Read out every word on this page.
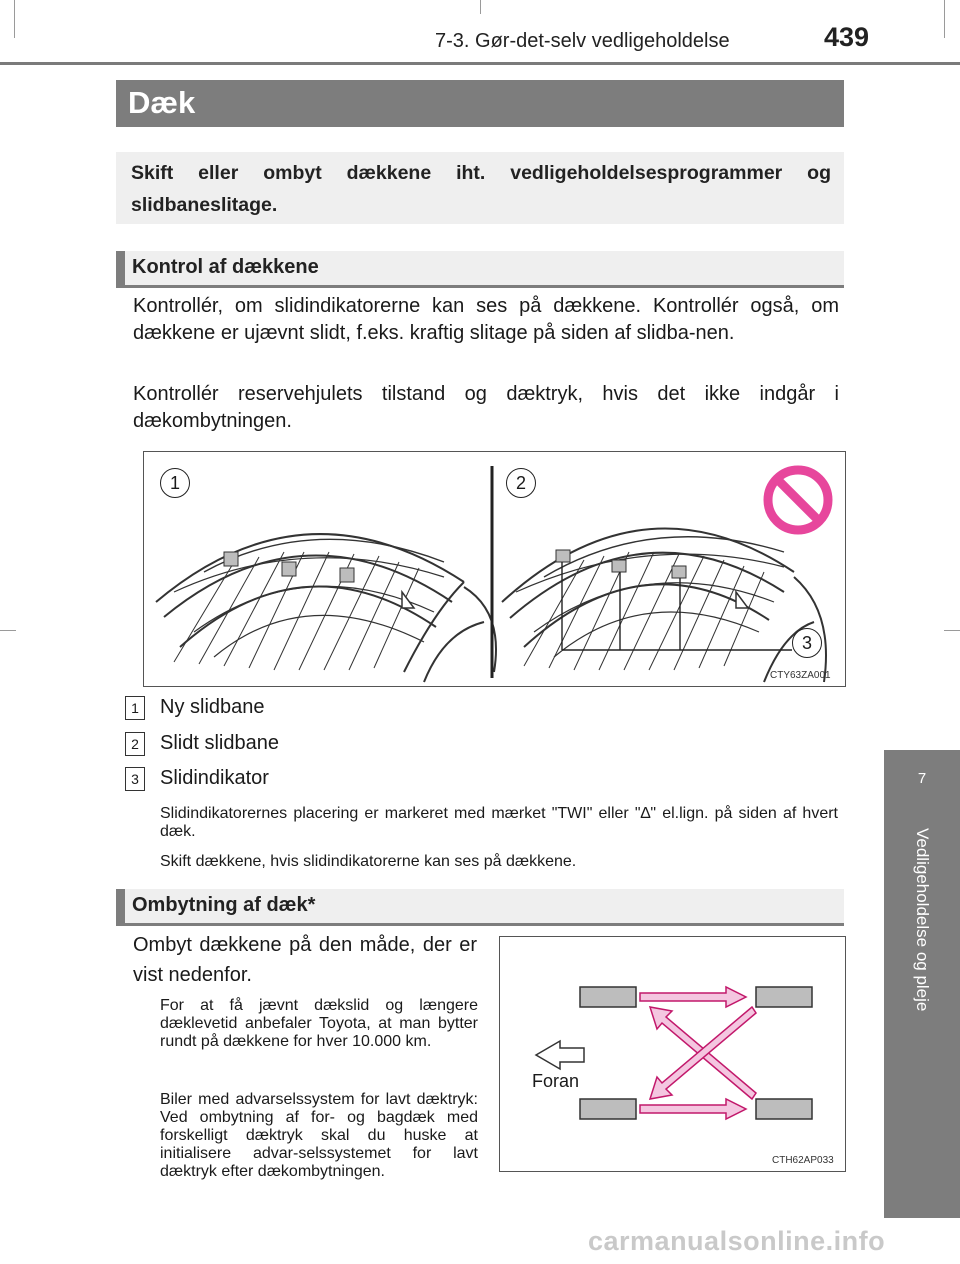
7-3. Gør-det-selv vedligeholdelse	439
7
Vedligeholdelse og pleje
Dæk
Skift eller ombyt dækkene iht. vedligeholdelsesprogrammer og slidbaneslitage.
Kontrol af dækkene
Kontrollér, om slidindikatorerne kan ses på dækkene. Kontrollér også, om dækkene er ujævnt slidt, f.eks. kraftig slitage på siden af slidba-nen.
Kontrollér reservehjulets tilstand og dæktryk, hvis det ikke indgår i dækombytningen.
1	2
3
CTY63ZA001
1	Ny slidbane
2	Slidt slidbane
3	Slidindikator
Slidindikatorernes placering er markeret med mærket "TWI" eller "∆" el.lign. på siden af hvert dæk.
Skift dækkene, hvis slidindikatorerne kan ses på dækkene.
Ombytning af dæk*
Ombyt dækkene på den måde, der er vist nedenfor.
For at få jævnt dækslid og længere dæklevetid anbefaler Toyota, at man bytter rundt på dækkene for hver 10.000 km.
Biler med advarselssystem for lavt dæktryk: Ved ombytning af for- og bagdæk med forskelligt dæktryk skal du huske at initialisere advar-selssystemet for lavt dæktryk efter dækombytningen.
Foran
CTH62AP033
carmanualsonline.info
